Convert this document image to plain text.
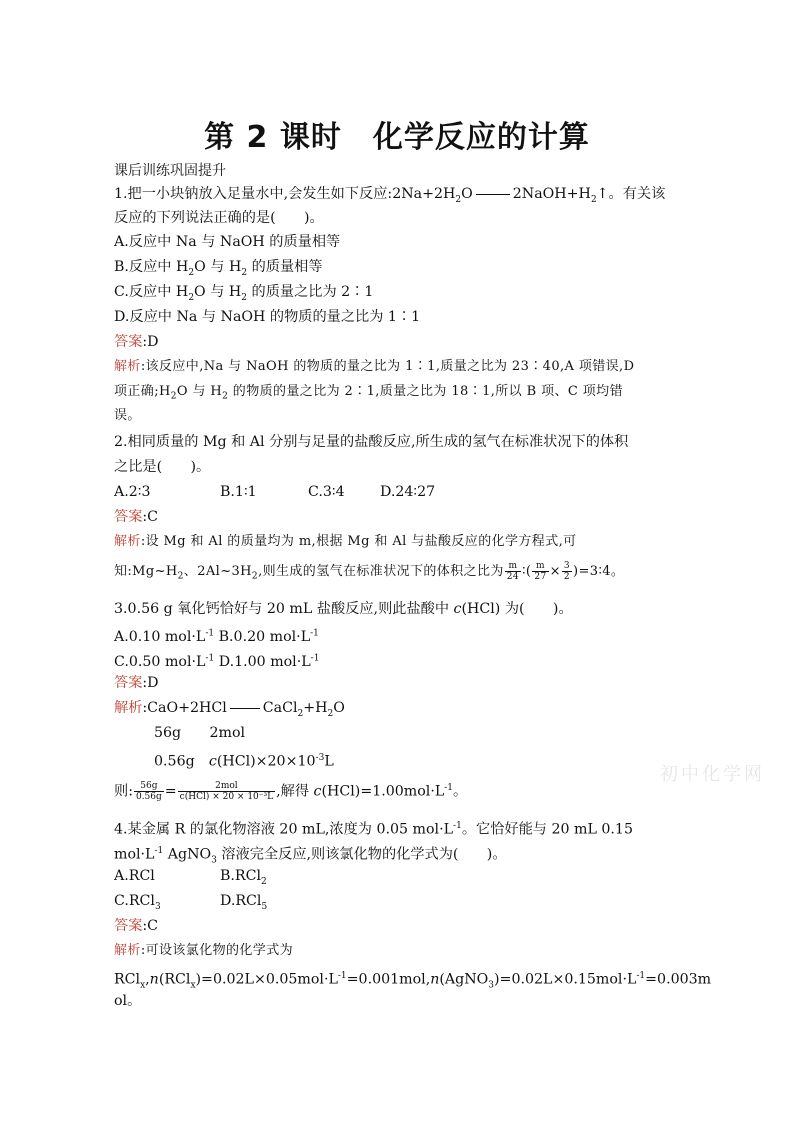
第 2 课时　化学反应的计算
课后训练巩固提升
1.把一小块钠放入足量水中,会发生如下反应$:2Na+2H_2O$	$2NaOH+H_2↑$。有关该
反应的下列说法正确的是(　　)。
A.反应中 Na 与 NaOH 的质量相等
B.反应中 $H_2O$ 与 $H_2$ 的质量相等
C.反应中 $H_2O$ 与 $H_2$ 的质量之比为 2∶1
D.反应中 Na 与 NaOH 的物质的量之比为 1∶1
答案:D
解析:该反应中,Na 与 NaOH 的物质的量之比为 1∶1,质量之比为 23∶40,A 项错误,D
项正确$;H_2O$ 与 $H_2$ 的物质的量之比为 2∶1,质量之比为 18∶1,所以 B 项、C 项均错
误。
2.相同质量的 Mg 和 Al 分别与足量的盐酸反应,所生成的氢气在标准状况下的体积
之比是(　　)。
A.2∶3	B.1∶1	C.3∶4 D.24∶27
答案:C
解析:设 Mg 和 Al 的质量均为 m,根据 Mg 和 Al 与盐酸反应的化学方程式,可
知$:Mg\sim H_2$、$2Al\sim 3H_2$,则生成的氢气在标准状况下的体积之比为 $\frac{m}{24}$ ∶( $\frac{m}{27} \times \frac{3}{2}$ )=3∶4。
3.0.56 g 氧化钙恰好与 20 mL 盐酸反应,则此盐酸中 c(HCl) 为(　　)。
A.0.10 $mol\cdot L^{-1}$ B.0.20 $mol\cdot L^{-1}$
C.0.50 $mol\cdot L^{-1}$ D.1.00 $mol\cdot L^{-1}$
答案:D
解析:CaO+2HCl	$CaCl_2+H_2O$
56g　　2mol
0.56g　$c(HCl)\times 20\times 10^{-3}L$
则: $\frac{56g}{0.56g} = \frac{\text{2mol}}{\text{c(HCl) × 20 × 10⁻³L}}$ ,解得 $c(HCl)=1.00mol\cdot L^{-1}$。
初中化学网
4.某金属 R 的氯化物溶液 20 mL,浓度为 0.05 $mol\cdot L^{-1}$。它恰好能与 20 mL 0.15
$mol\cdot L^{-1}$ AgNO$_3$ 溶液完全反应,则该氯化物的化学式为(　　)。
A.RCl	B.RCl$_2$
C.RCl$_3$	D.RCl$_5$
答案:C
解析:可设该氯化物的化学式为
$RCl_x,n(RCl_x)=0.02L\times 0.05mol\cdot L^{-1}=0.001mol,n(AgNO_3)=0.02L\times 0.15mol\cdot L^{-1}=0.003m$
ol。
